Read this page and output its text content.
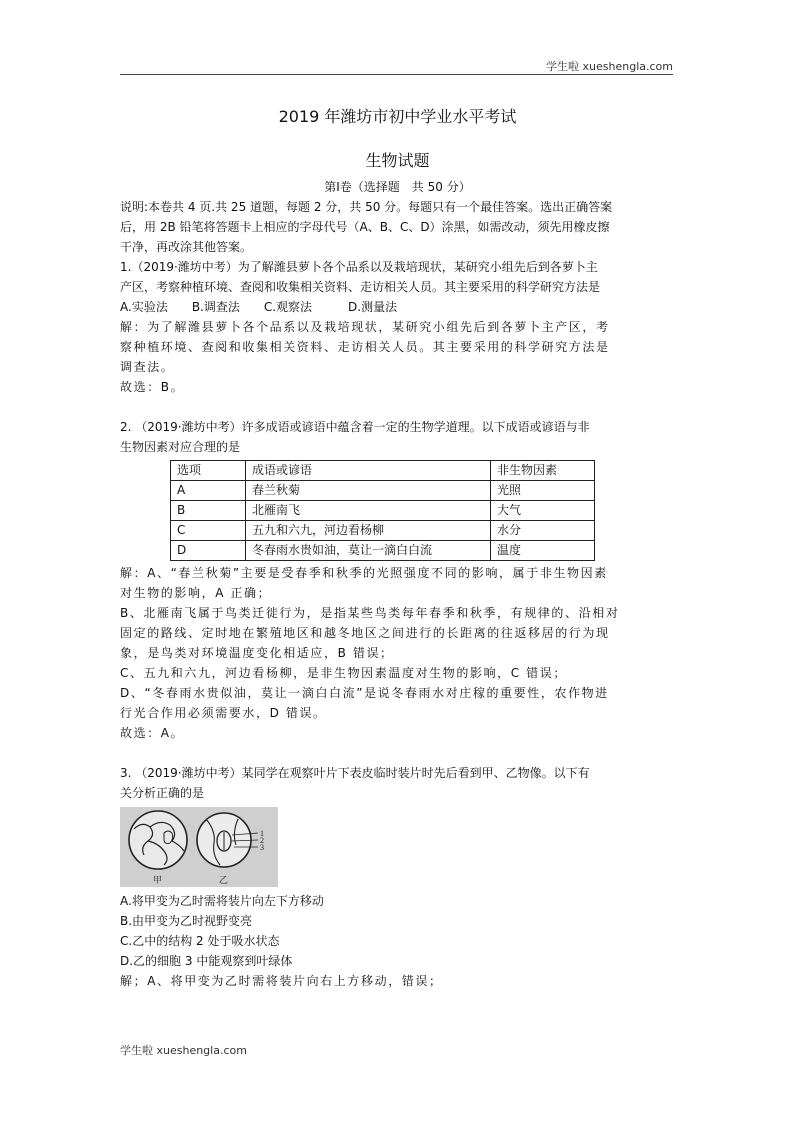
学生啦 xueshengla.com
2019 年潍坊市初中学业水平考试
生物试题
第Ⅰ卷（选择题　共 50 分）

说明:本卷共 4 页.共 25 道题，每题 2 分，共 50 分。每题只有一个最佳答案。选出正确答案

后，用 2B 铅笔将答题卡上相应的字母代号（A、B、C、D）涂黑，如需改动，须先用橡皮擦

干净，再改涂其他答案。

1.（2019·潍坊中考）为了解潍县萝卜各个品系以及栽培现状，某研究小组先后到各萝卜主

产区，考察种植环境、查阅和收集相关资料、走访相关人员。其主要采用的科学研究方法是

A.实验法　　B.调查法　　C.观察法　　　D.测量法

解：为了解潍县萝卜各个品系以及栽培现状，某研究小组先后到各萝卜主产区，考

察种植环境、查阅和收集相关资料、走访相关人员。其主要采用的科学研究方法是

调查法。

故选：B。

2. （2019·潍坊中考）许多成语或谚语中蕴含着一定的生物学道理。以下成语或谚语与非

生物因素对应合理的是

选项	成语或谚语	非生物因素
A	春兰秋菊	光照
B	北雁南飞	大气
C	五九和六九，河边看杨柳	水分
D	冬春雨水贵如油，莫让一滴白白流	温度

解：A、“春兰秋菊”主要是受春季和秋季的光照强度不同的影响，属于非生物因素

对生物的影响，A 正确；

B、北雁南飞属于鸟类迁徙行为，是指某些鸟类每年春季和秋季，有规律的、沿相对

固定的路线、定时地在繁殖地区和越冬地区之间进行的长距离的往返移居的行为现

象，是鸟类对环境温度变化相适应，B 错误；

C、五九和六九，河边看杨柳，是非生物因素温度对生物的影响，C 错误；

D、“冬春雨水贵似油，莫让一滴白白流”是说冬春雨水对庄稼的重要性，农作物进

行光合作用必须需要水，D 错误。

故选：A。

3. （2019·潍坊中考）某同学在观察叶片下表皮临时装片时先后看到甲、乙物像。以下有

关分析正确的是

1
2
3
甲	乙

A.将甲变为乙时需将装片向左下方移动

B.由甲变为乙时视野变亮

C.乙中的结构 2 处于吸水状态

D.乙的细胞 3 中能观察到叶绿体

解；A、将甲变为乙时需将装片向右上方移动，错误；

学生啦 xueshengla.com
